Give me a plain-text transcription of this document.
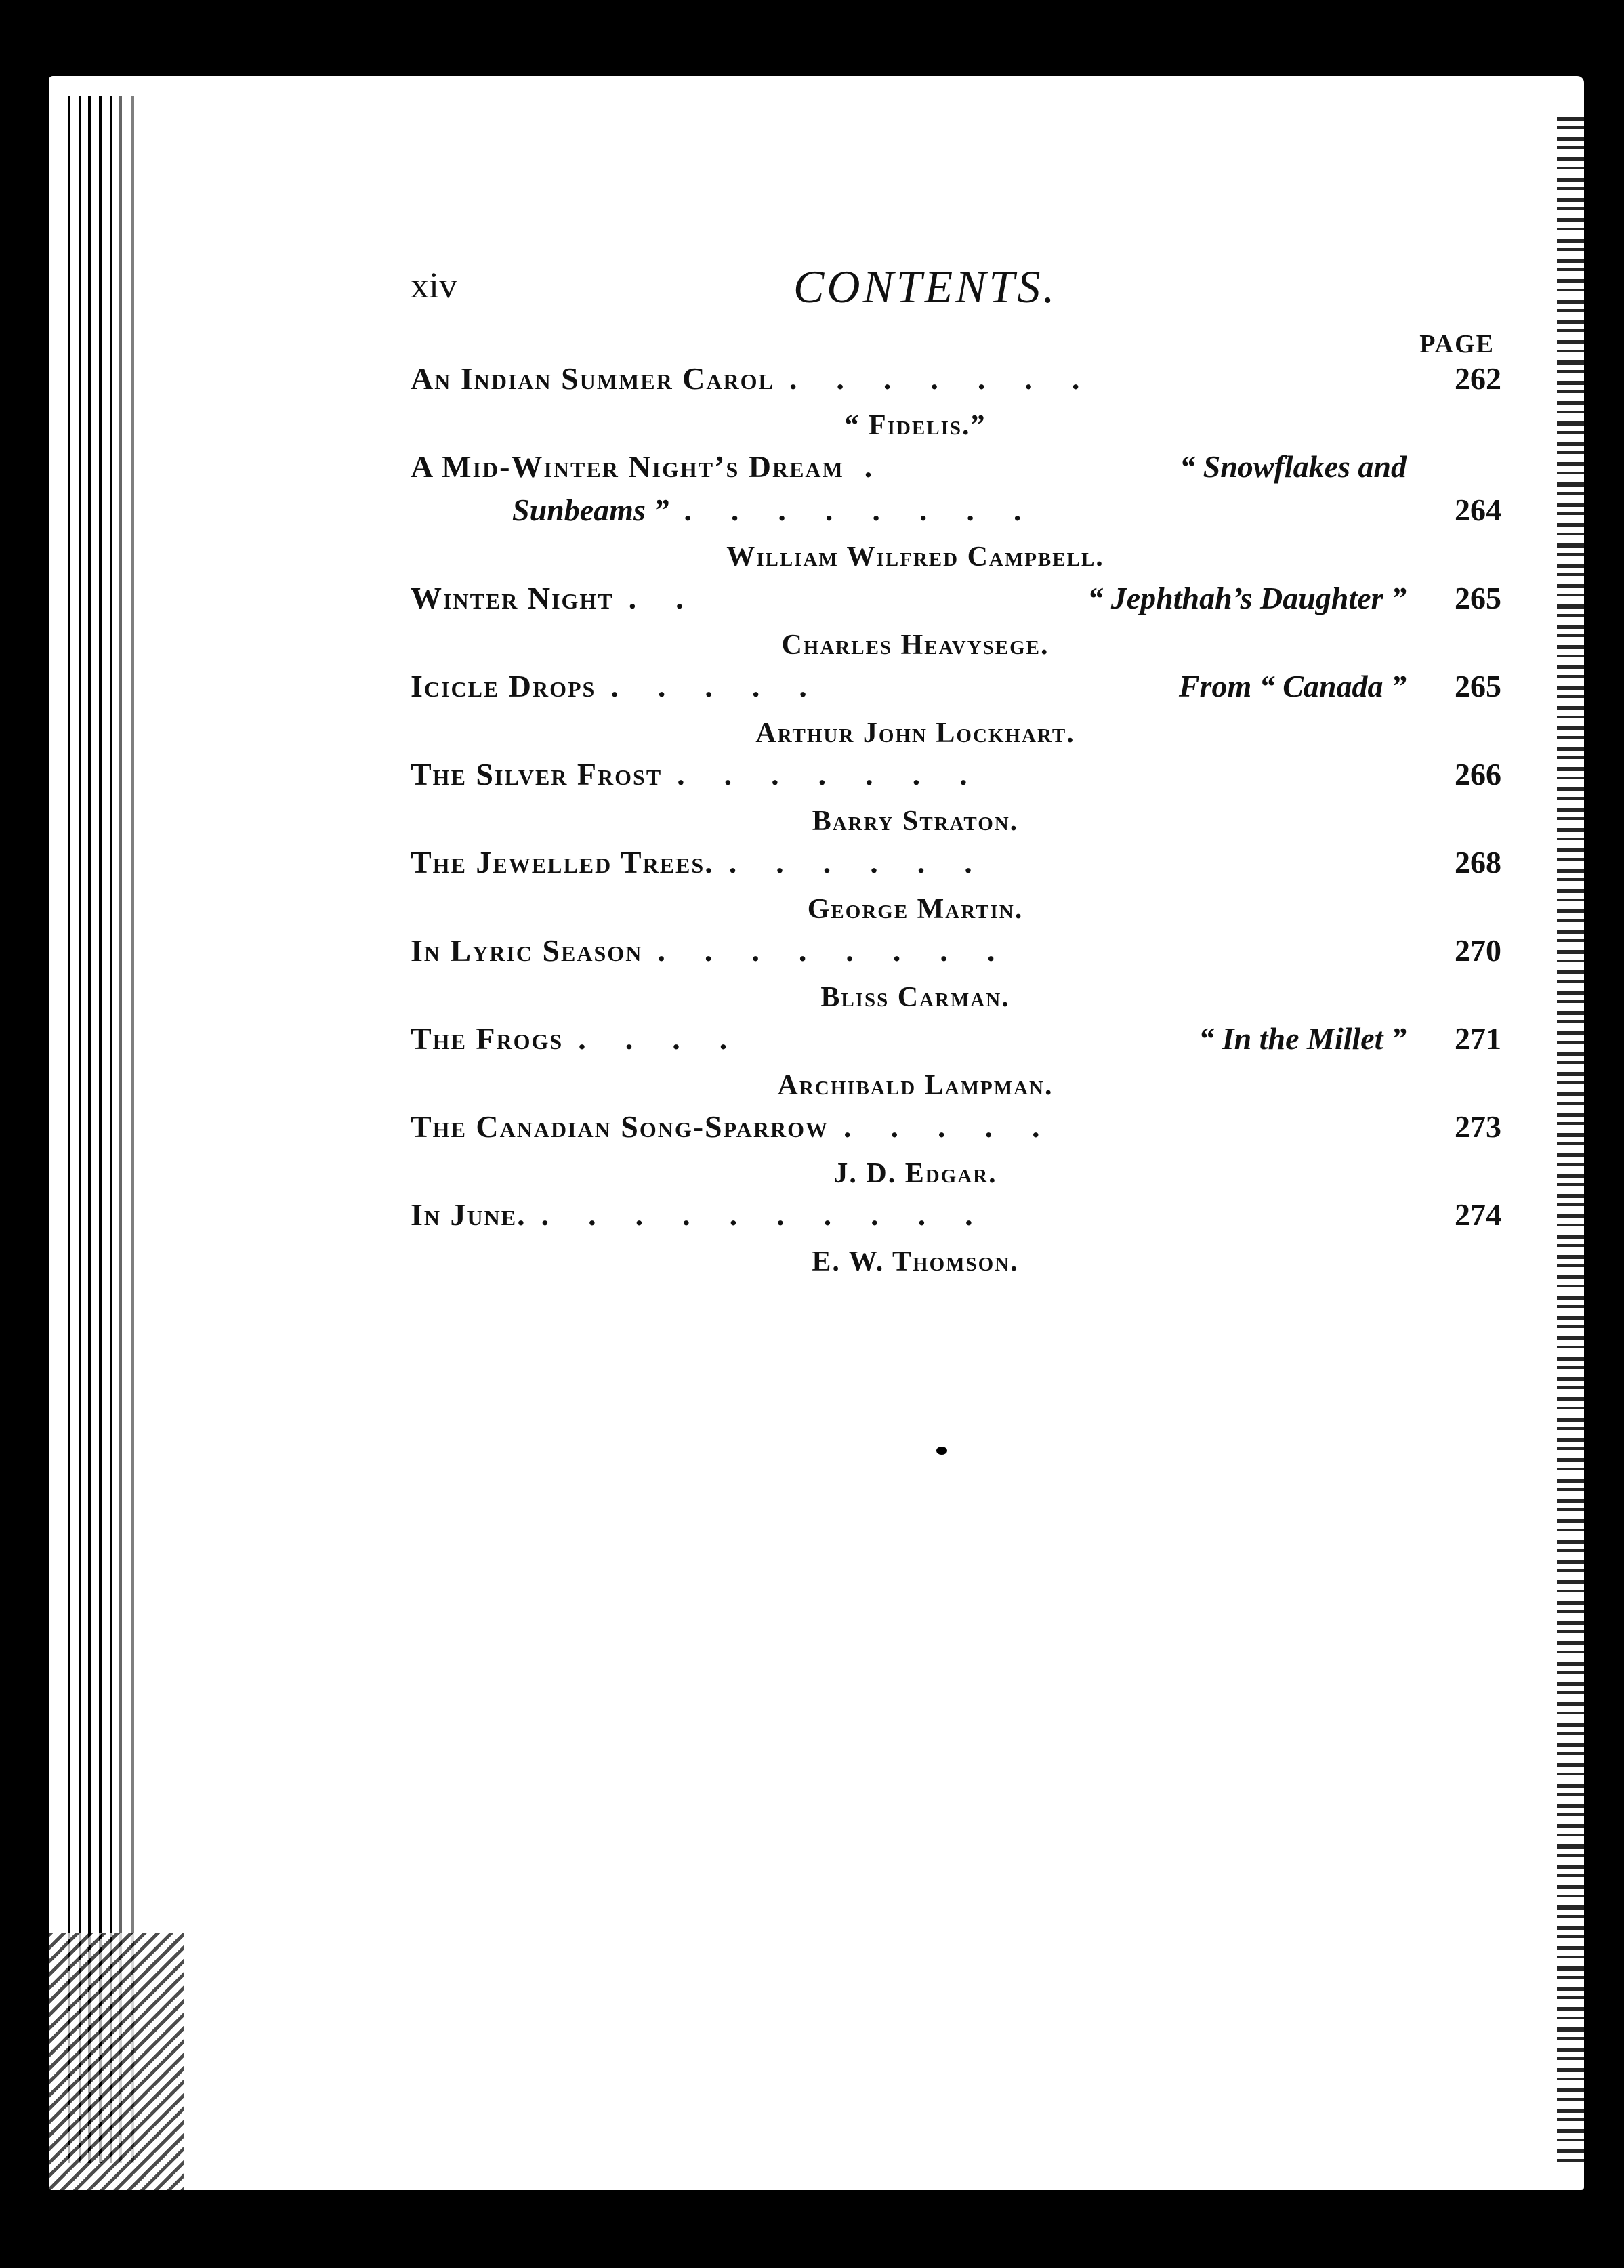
xiv	CONTENTS.
PAGE
An Indian Summer Carol .......	262
“ Fidelis.”
A Mid-Winter Night’s Dream .	“ Snowflakes and
Sunbeams ” ........	264
William Wilfred Campbell.
Winter Night ..	“ Jephthah’s Daughter ”	265
Charles Heavysege.
Icicle Drops .....	From “ Canada ”	265
Arthur John Lockhart.
The Silver Frost .......	266
Barry Straton.
The Jewelled Trees. ......	268
George Martin.
In Lyric Season ........	270
Bliss Carman.
The Frogs ....	“ In the Millet ”	271
Archibald Lampman.
The Canadian Song-Sparrow .....	273
J. D. Edgar.
In June. ..........	274
E. W. Thomson.
